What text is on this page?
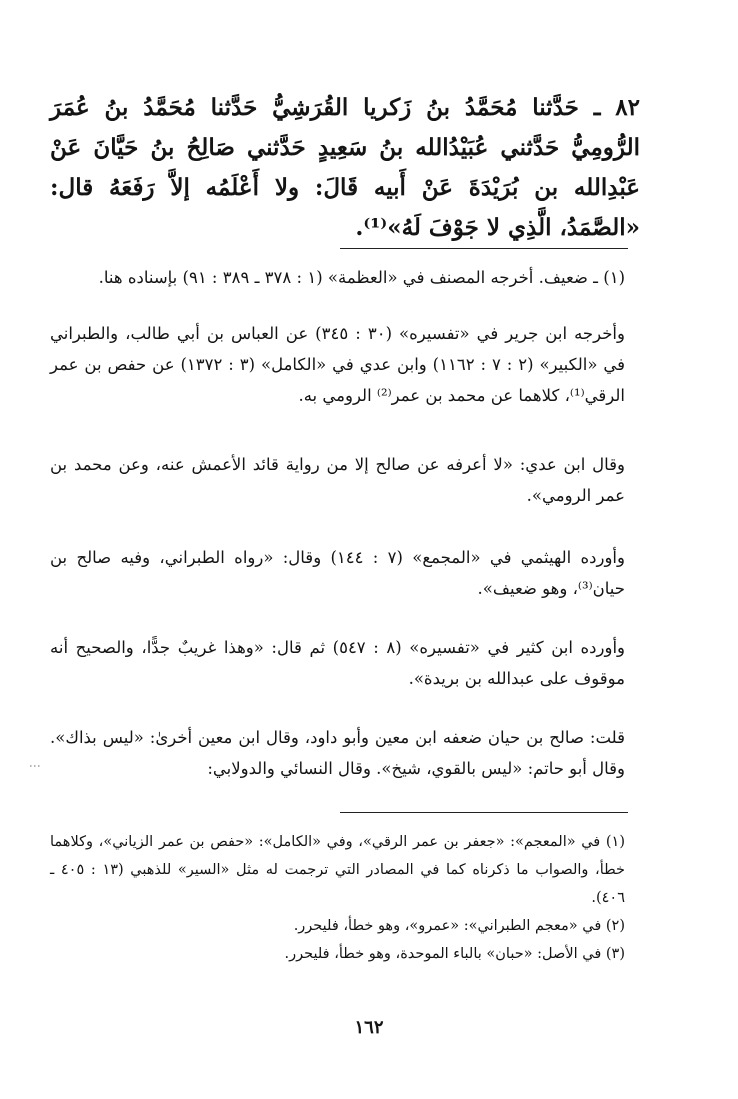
٨٢ ـ حَدَّثنا مُحَمَّدُ بنُ زَكريا القُرَشِيُّ حَدَّثنا مُحَمَّدُ بنُ عُمَرَ الرُّومِيُّ حَدَّثني عُبَيْدُالله بنُ سَعِيدٍ حَدَّثني صَالِحُ بنُ حَيَّانَ عَنْ عَبْدِالله بن بُرَيْدَةَ عَنْ أَبيه قَالَ: ولا أَعْلَمُه إلاَّ رَفَعَهُ قال: «الصَّمَدُ، الَّذِي لا جَوْفَ لَهُ»⁽¹⁾.
(١) ـ ضعيف. أخرجه المصنف في «العظمة» (١ : ٣٧٨ ـ ٣٨٩ : ٩١) بإسناده هنا.
وأخرجه ابن جرير في «تفسيره» (٣٠ : ٣٤٥) عن العباس بن أبي طالب، والطبراني في «الكبير» (٢ : ٧ : ١١٦٢) وابن عدي في «الكامل» (٣ : ١٣٧٢) عن حفص بن عمر الرقي⁽¹⁾، كلاهما عن محمد بن عمر⁽²⁾ الرومي به.
وقال ابن عدي: «لا أعرفه عن صالح إلا من رواية قائد الأعمش عنه، وعن محمد بن عمر الرومي».
وأورده الهيثمي في «المجمع» (٧ : ١٤٤) وقال: «رواه الطبراني، وفيه صالح بن حيان⁽³⁾، وهو ضعيف».
وأورده ابن كثير في «تفسيره» (٨ : ٥٤٧) ثم قال: «وهذا غريبٌ جدًّا، والصحيح أنه موقوف على عبدالله بن بريدة».
قلت: صالح بن حيان ضعفه ابن معين وأبو داود، وقال ابن معين أخرىٰ: «ليس بذاك». وقال أبو حاتم: «ليس بالقوي، شيخ». وقال النسائي والدولابي:
⋮
(١) في «المعجم»: «جعفر بن عمر الرقي»، وفي «الكامل»: «حفص بن عمر الزياني»، وكلاهما خطأ، والصواب ما ذكرناه كما في المصادر التي ترجمت له مثل «السير» للذهبي (١٣ : ٤٠٥ ـ ٤٠٦).
(٢) في «معجم الطبراني»: «عمرو»، وهو خطأ، فليحرر.
(٣) في الأصل: «حبان» بالباء الموحدة، وهو خطأ، فليحرر.
١٦٢
